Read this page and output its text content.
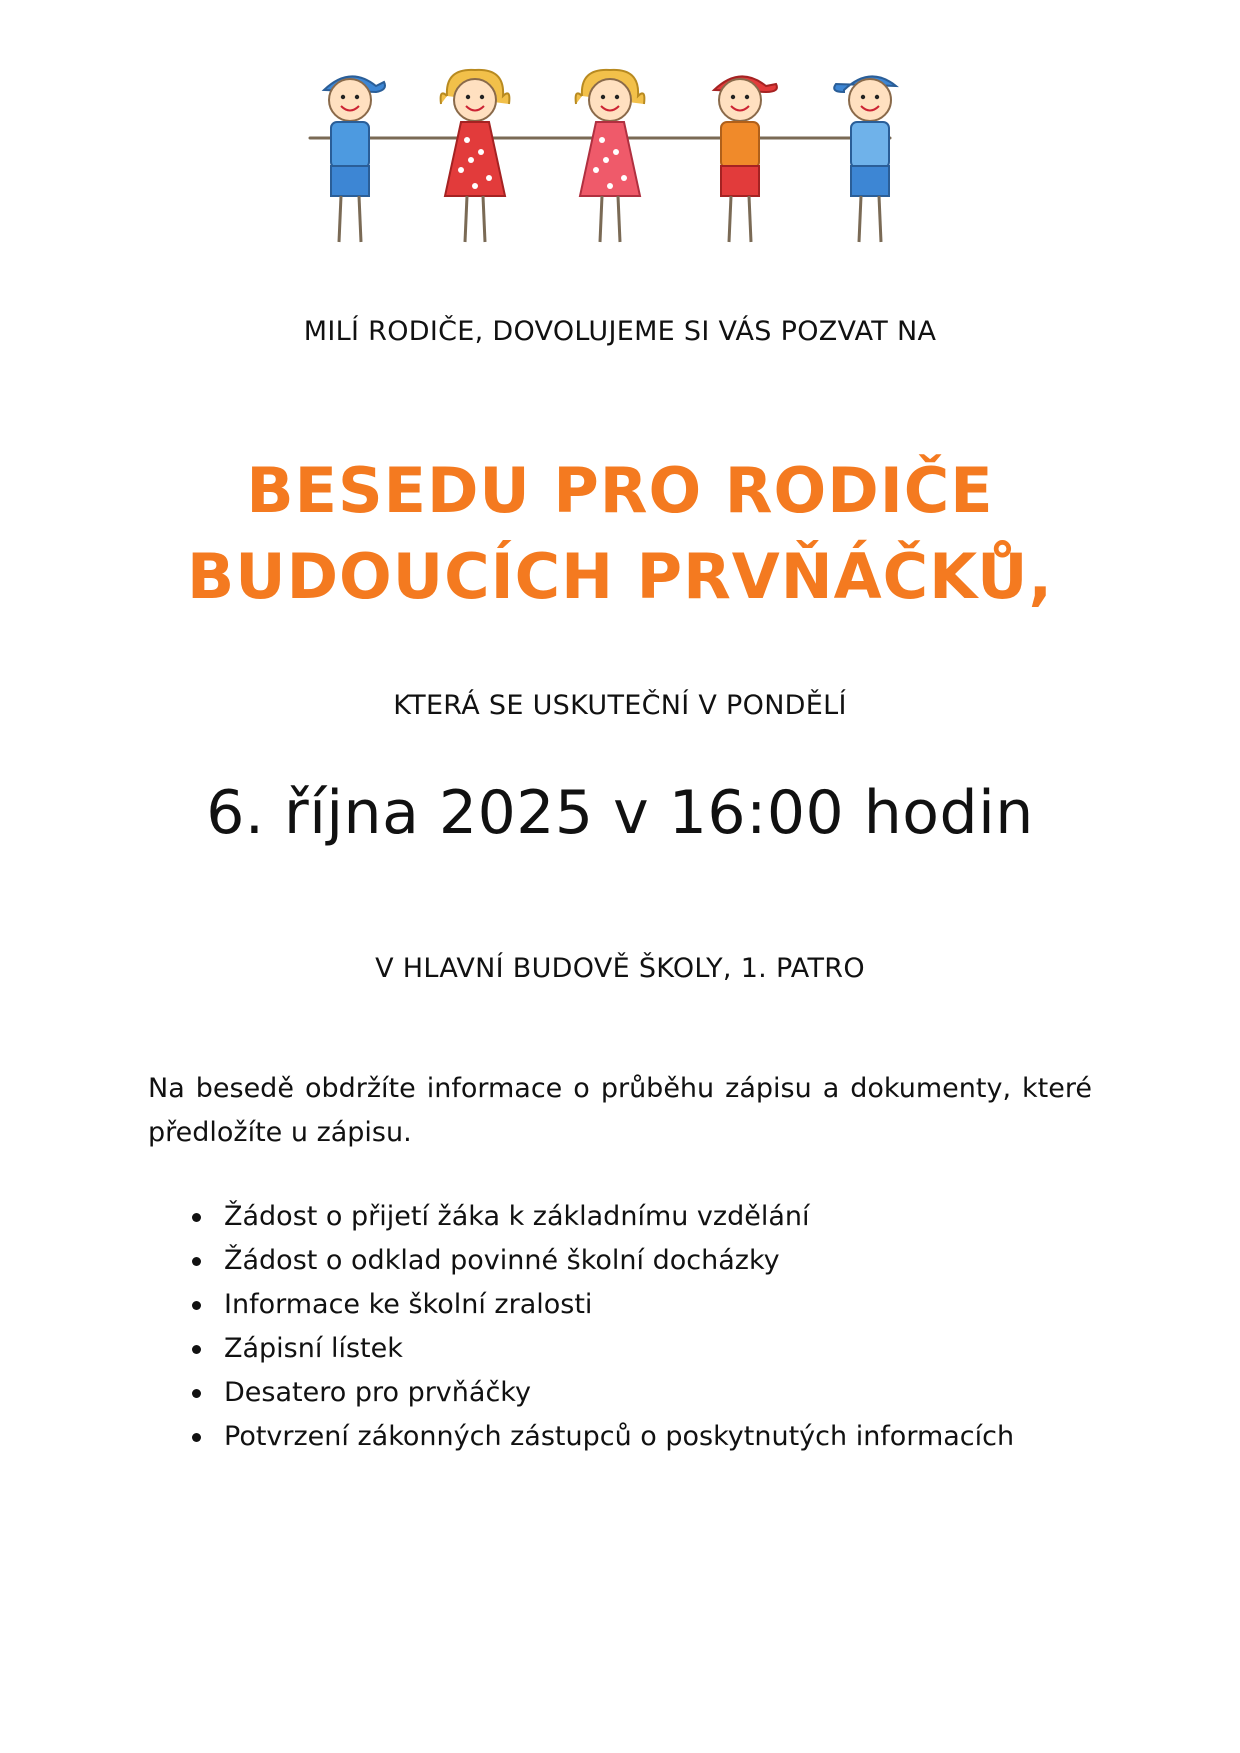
MILÍ RODIČE, DOVOLUJEME SI VÁS POZVAT NA
BESEDU PRO RODIČE
BUDOUCÍCH PRVŇÁČKŮ,
KTERÁ SE USKUTEČNÍ V PONDĚLÍ
6. října 2025 v 16:00 hodin
V HLAVNÍ BUDOVĚ ŠKOLY, 1. PATRO
Na besedě obdržíte informace o průběhu zápisu a dokumenty, které předložíte u zápisu.
Žádost o přijetí žáka k základnímu vzdělání
Žádost o odklad povinné školní docházky
Informace ke školní zralosti
Zápisní lístek
Desatero pro prvňáčky
Potvrzení zákonných zástupců o poskytnutých informacích
